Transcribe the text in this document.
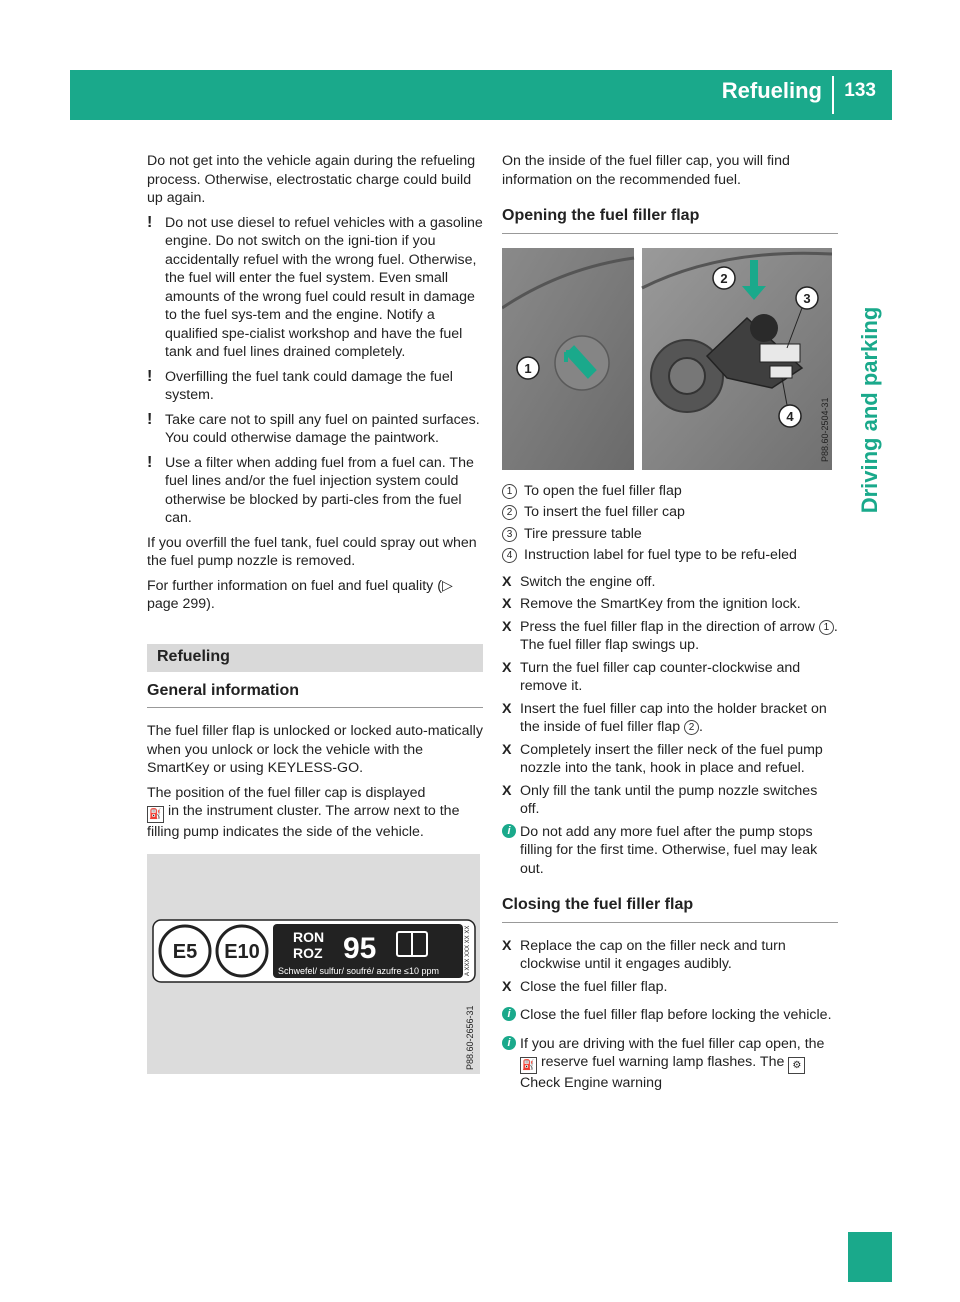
Refueling 133
Driving and parking

Do not get into the vehicle again during the refueling process. Otherwise, electrostatic charge could build up again.

! Do not use diesel to refuel vehicles with a gasoline engine. Do not switch on the igni-tion if you accidentally refuel with the wrong fuel. Otherwise, the fuel will enter the fuel system. Even small amounts of the wrong fuel could result in damage to the fuel sys-tem and the engine. Notify a qualified spe-cialist workshop and have the fuel tank and fuel lines drained completely.
! Overfilling the fuel tank could damage the fuel system.
! Take care not to spill any fuel on painted surfaces. You could otherwise damage the paintwork.
! Use a filter when adding fuel from a fuel can. The fuel lines and/or the fuel injection system could otherwise be blocked by parti-cles from the fuel can.

If you overfill the fuel tank, fuel could spray out when the fuel pump nozzle is removed.

For further information on fuel and fuel quality (▷ page 299).

Refueling
General information

The fuel filler flap is unlocked or locked auto-matically when you unlock or lock the vehicle with the SmartKey or using KEYLESS-GO.

The position of the fuel filler cap is displayed
⛽ in the instrument cluster. The arrow next to the filling pump indicates the side of the vehicle.

E5 E10
RON
ROZ 95
Schwefel/ sulfur/ soufré/ azufre ≤10 ppm	A XXX XXX XX XX
P88.60-2656-31

On the inside of the fuel filler cap, you will find information on the recommended fuel.

Opening the fuel filler flap
1
2
3
4	P88.60-2504-31
1 To open the fuel filler flap
2 To insert the fuel filler cap
3 Tire pressure table
4 Instruction label for fuel type to be refu-eled
X Switch the engine off.
X Remove the SmartKey from the ignition lock.
X Press the fuel filler flap in the direction of arrow 1 .
The fuel filler flap swings up.
X Turn the fuel filler cap counter-clockwise and remove it.
X Insert the fuel filler cap into the holder bracket on the inside of fuel filler flap 2 .
X Completely insert the filler neck of the fuel pump nozzle into the tank, hook in place and refuel.
X Only fill the tank until the pump nozzle switches off.
i Do not add any more fuel after the pump stops filling for the first time. Otherwise, fuel may leak out.
Closing the fuel filler flap
X Replace the cap on the filler neck and turn clockwise until it engages audibly.
X Close the fuel filler flap.
i Close the fuel filler flap before locking the vehicle.
i If you are driving with the fuel filler cap open, the ⛽ reserve fuel warning lamp flashes. The ⚙ Check Engine warning
